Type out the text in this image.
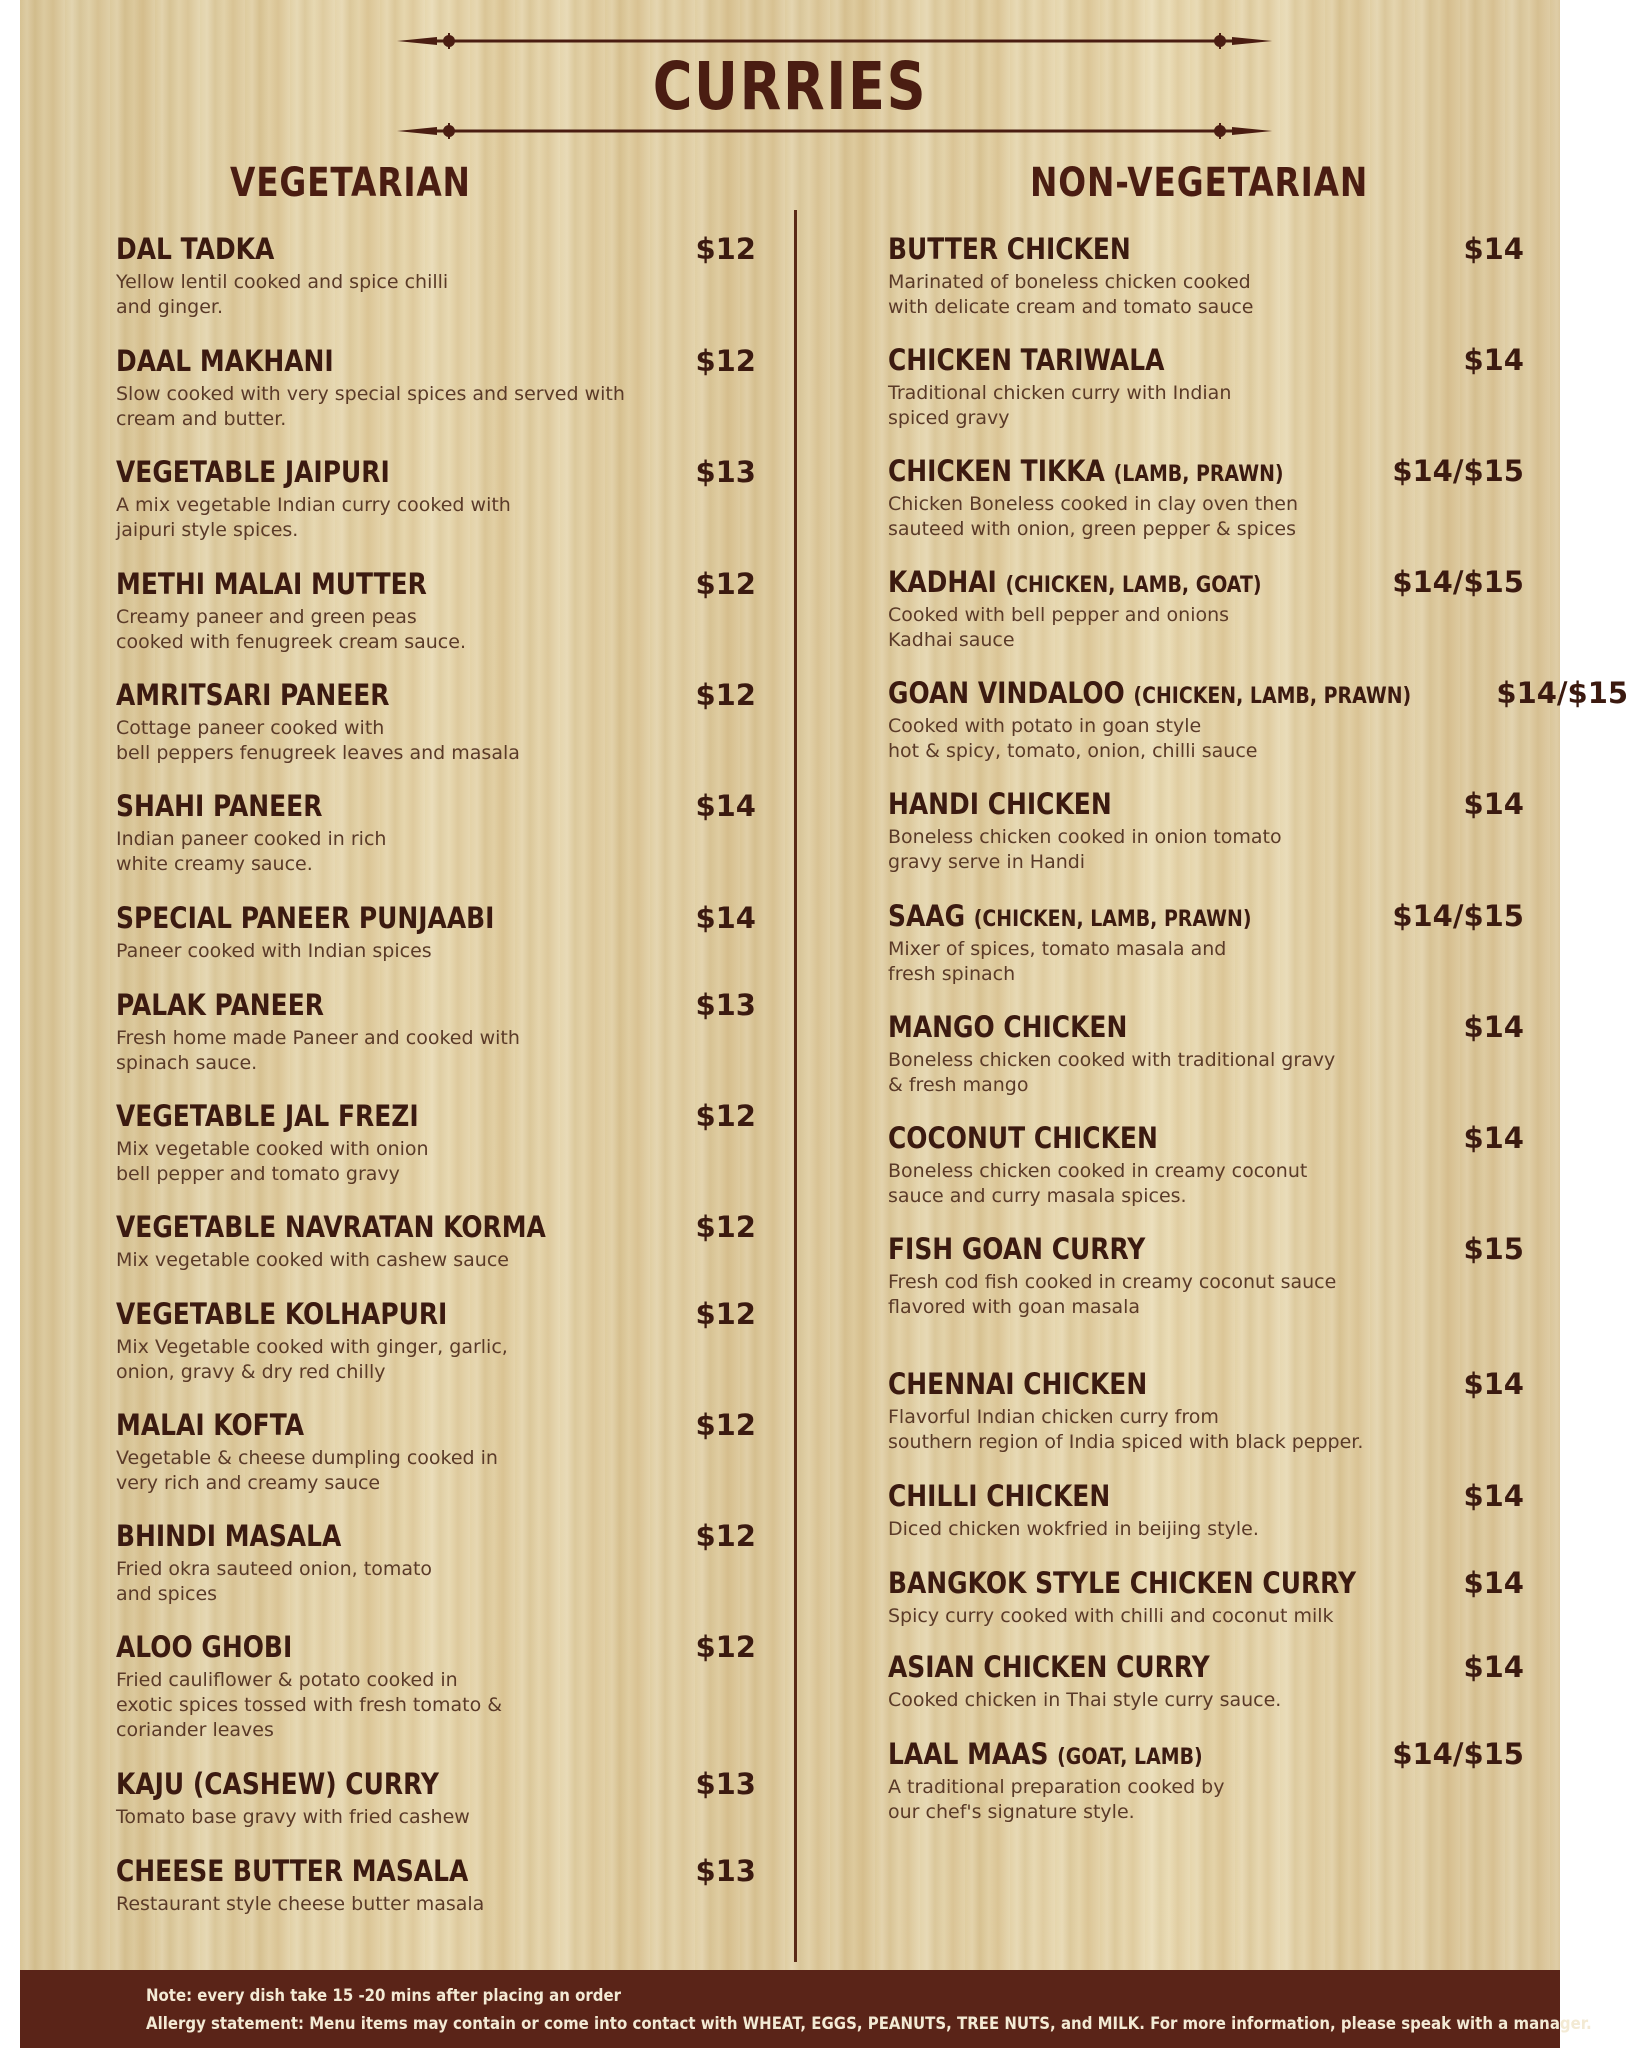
CURRIES
VEGETARIAN	NON-VEGETARIAN
DAL TADKA	$12
Yellow lentil cooked and spice chilli
and ginger.
DAAL MAKHANI	$12
Slow cooked with very special spices and served with
cream and butter.
VEGETABLE JAIPURI	$13
A mix vegetable Indian curry cooked with
jaipuri style spices.
METHI MALAI MUTTER	$12
Creamy paneer and green peas
cooked with fenugreek cream sauce.
AMRITSARI PANEER	$12
Cottage paneer cooked with
bell peppers fenugreek leaves and masala
SHAHI PANEER	$14
Indian paneer cooked in rich
white creamy sauce.
SPECIAL PANEER PUNJAABI	$14
Paneer cooked with Indian spices
PALAK PANEER	$13
Fresh home made Paneer and cooked with
spinach sauce.
VEGETABLE JAL FREZI	$12
Mix vegetable cooked with onion
bell pepper and tomato gravy
VEGETABLE NAVRATAN KORMA	$12
Mix vegetable cooked with cashew sauce
VEGETABLE KOLHAPURI	$12
Mix Vegetable cooked with ginger, garlic,
onion, gravy & dry red chilly
MALAI KOFTA	$12
Vegetable & cheese dumpling cooked in
very rich and creamy sauce
BHINDI MASALA	$12
Fried okra sauteed onion, tomato
and spices
ALOO GHOBI	$12
Fried cauliflower & potato cooked in
exotic spices tossed with fresh tomato &
coriander leaves
KAJU (CASHEW) CURRY	$13
Tomato base gravy with fried cashew
CHEESE BUTTER MASALA	$13
Restaurant style cheese butter masala
BUTTER CHICKEN	$14
Marinated of boneless chicken cooked
with delicate cream and tomato sauce
CHICKEN TARIWALA	$14
Traditional chicken curry with Indian
spiced gravy
CHICKEN TIKKA (LAMB, PRAWN)	$14/$15
Chicken Boneless cooked in clay oven then
sauteed with onion, green pepper & spices
KADHAI (CHICKEN, LAMB, GOAT)	$14/$15
Cooked with bell pepper and onions
Kadhai sauce
GOAN VINDALOO (CHICKEN, LAMB, PRAWN)	$14/$15
Cooked with potato in goan style
hot & spicy, tomato, onion, chilli sauce
HANDI CHICKEN	$14
Boneless chicken cooked in onion tomato
gravy serve in Handi
SAAG (CHICKEN, LAMB, PRAWN)	$14/$15
Mixer of spices, tomato masala and
fresh spinach
MANGO CHICKEN	$14
Boneless chicken cooked with traditional gravy
& fresh mango
COCONUT CHICKEN	$14
Boneless chicken cooked in creamy coconut
sauce and curry masala spices.
FISH GOAN CURRY	$15
Fresh cod fish cooked in creamy coconut sauce
flavored with goan masala
CHENNAI CHICKEN	$14
Flavorful Indian chicken curry from
southern region of India spiced with black pepper.
CHILLI CHICKEN	$14
Diced chicken wokfried in beijing style.
BANGKOK STYLE CHICKEN CURRY	$14
Spicy curry cooked with chilli and coconut milk
ASIAN CHICKEN CURRY	$14
Cooked chicken in Thai style curry sauce.
LAAL MAAS (GOAT, LAMB)	$14/$15
A traditional preparation cooked by
our chef's signature style.

Note: every dish take 15 -20 mins after placing an order

Allergy statement: Menu items may contain or come into contact with WHEAT, EGGS, PEANUTS, TREE NUTS, and MILK. For more information, please speak with a manager.
